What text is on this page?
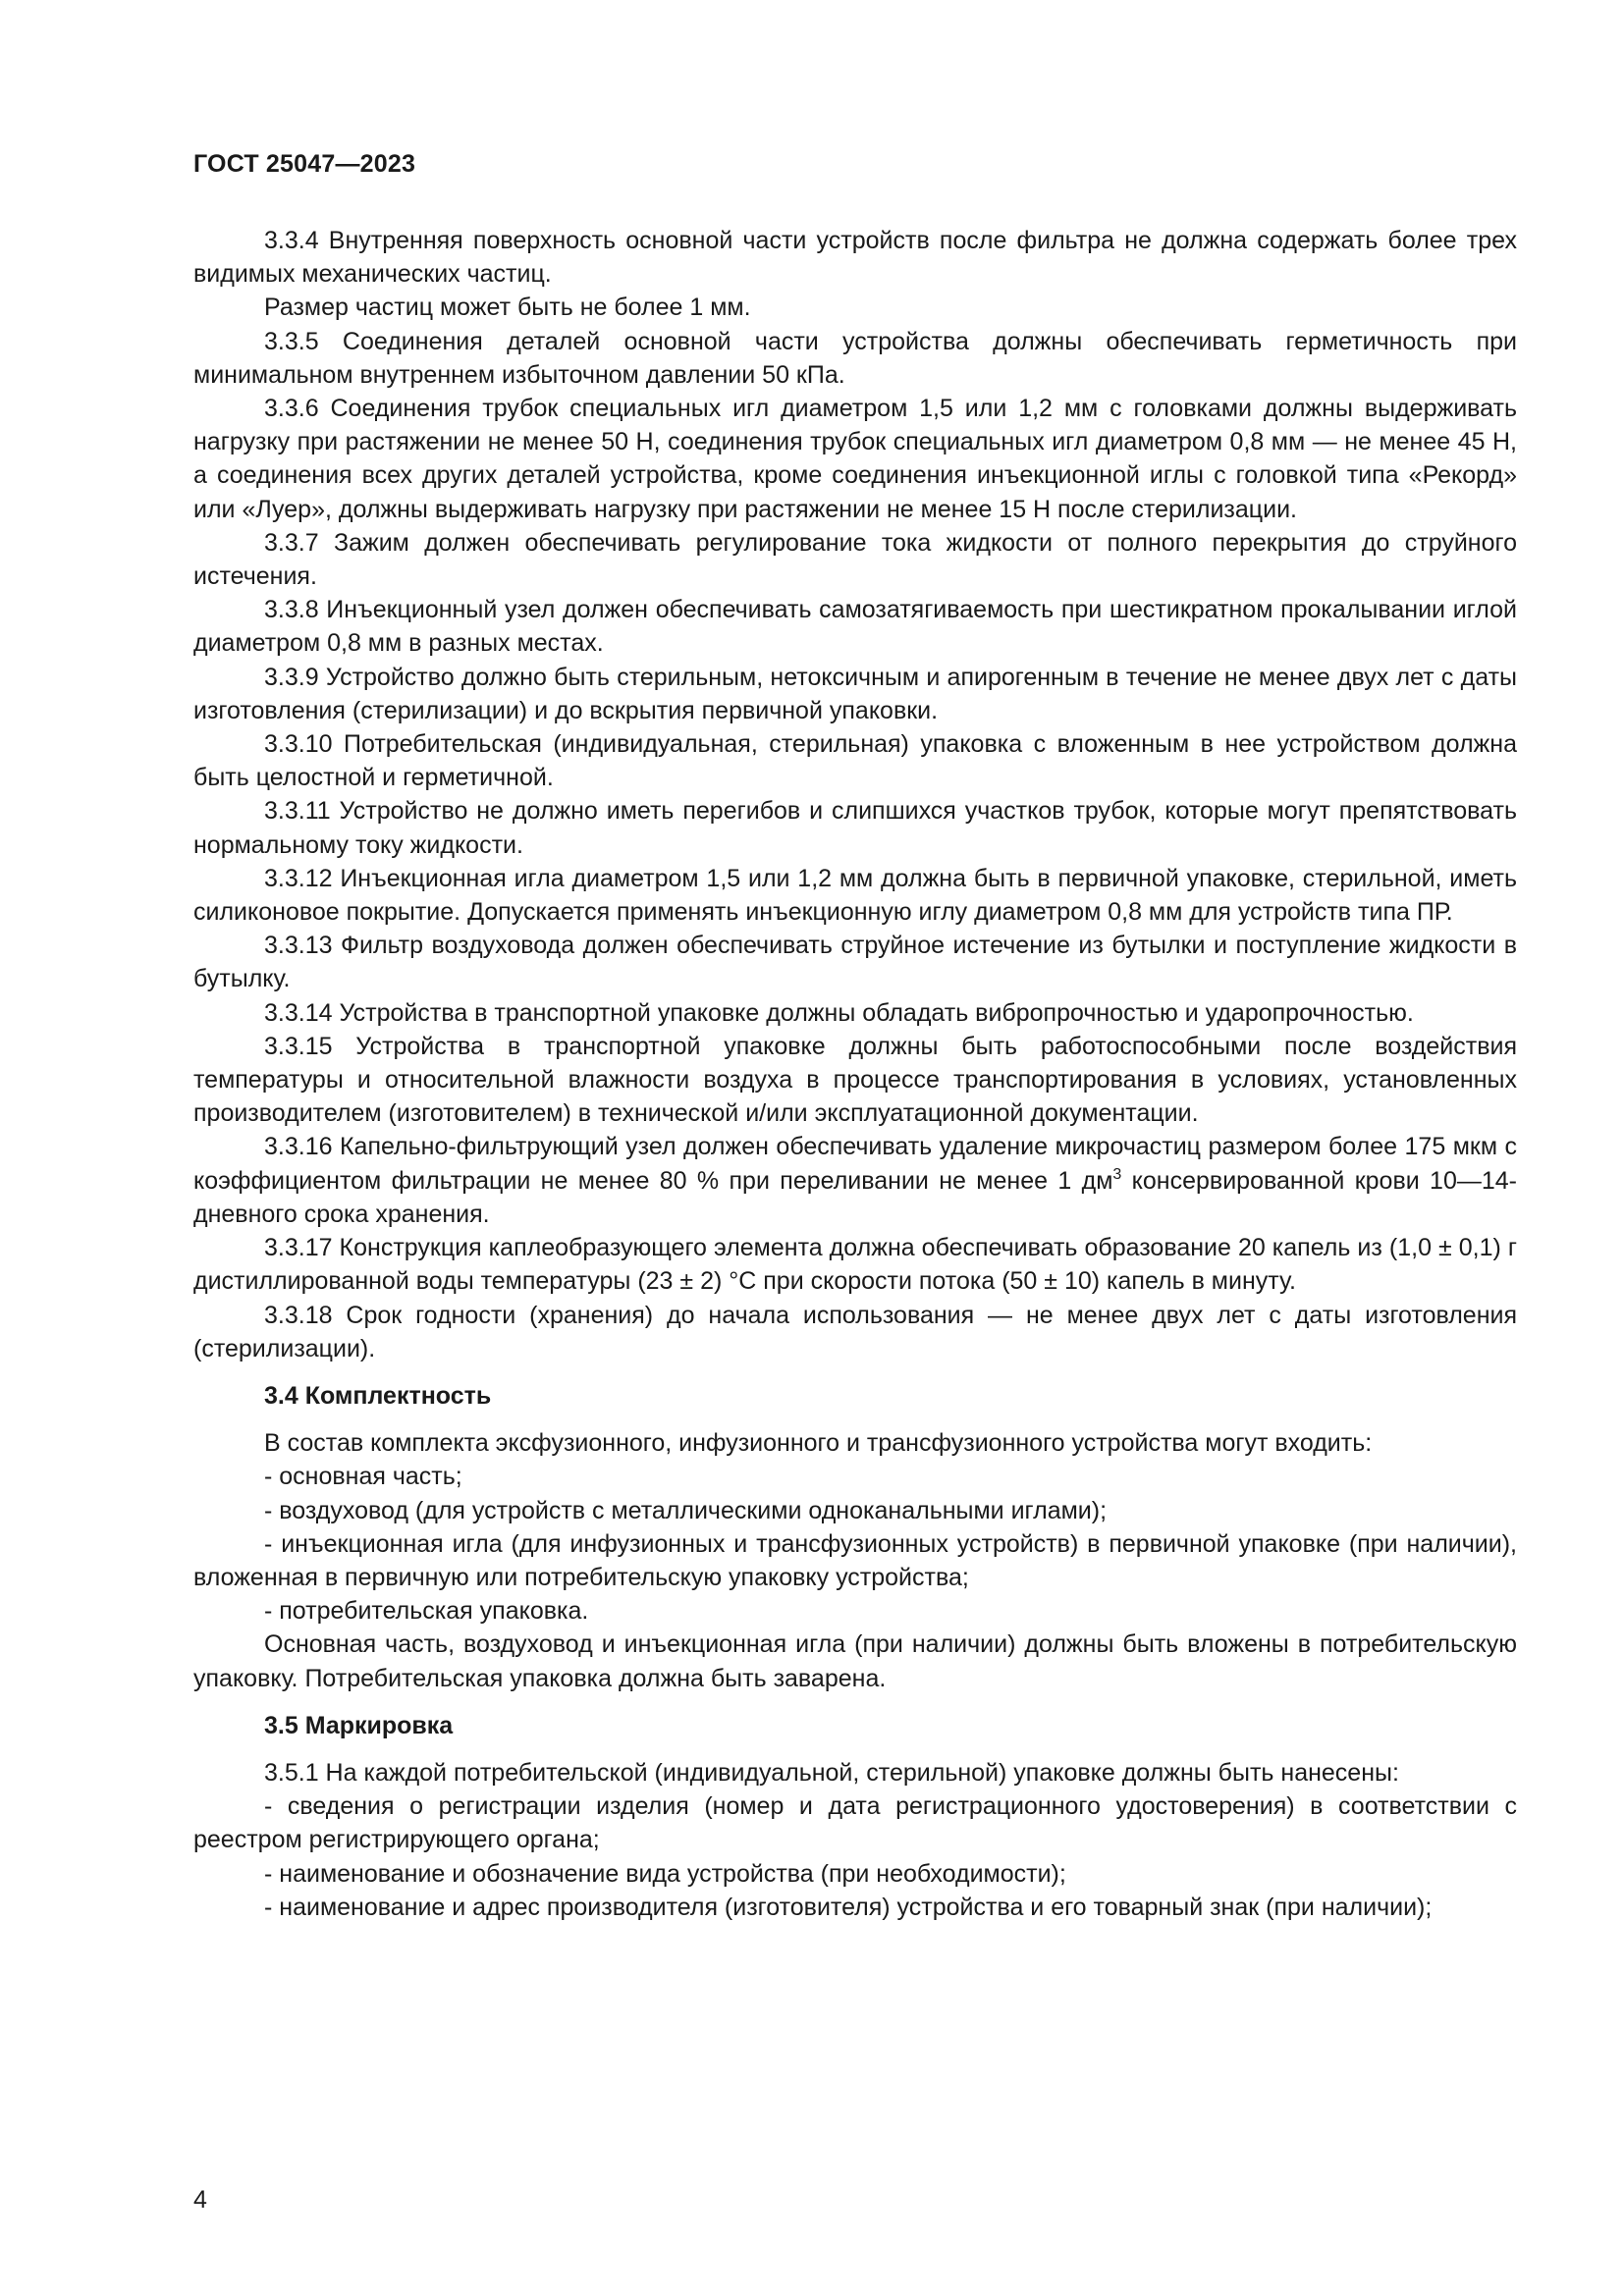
ГОСТ 25047—2023

3.3.4 Внутренняя поверхность основной части устройств после фильтра не должна содержать более трех видимых механических частиц.

Размер частиц может быть не более 1 мм.

3.3.5 Соединения деталей основной части устройства должны обеспечивать герметичность при минимальном внутреннем избыточном давлении 50 кПа.

3.3.6 Соединения трубок специальных игл диаметром 1,5 или 1,2 мм с головками должны выдерживать нагрузку при растяжении не менее 50 Н, соединения трубок специальных игл диаметром 0,8 мм — не менее 45 Н, а соединения всех других деталей устройства, кроме соединения инъекционной иглы с головкой типа «Рекорд» или «Луер», должны выдерживать нагрузку при растяжении не менее 15 Н после стерилизации.

3.3.7 Зажим должен обеспечивать регулирование тока жидкости от полного перекрытия до струйного истечения.

3.3.8 Инъекционный узел должен обеспечивать самозатягиваемость при шестикратном прокалывании иглой диаметром 0,8 мм в разных местах.

3.3.9 Устройство должно быть стерильным, нетоксичным и апирогенным в течение не менее двух лет с даты изготовления (стерилизации) и до вскрытия первичной упаковки.

3.3.10 Потребительская (индивидуальная, стерильная) упаковка с вложенным в нее устройством должна быть целостной и герметичной.

3.3.11 Устройство не должно иметь перегибов и слипшихся участков трубок, которые могут препятствовать нормальному току жидкости.

3.3.12 Инъекционная игла диаметром 1,5 или 1,2 мм должна быть в первичной упаковке, стерильной, иметь силиконовое покрытие. Допускается применять инъекционную иглу диаметром 0,8 мм для устройств типа ПР.

3.3.13 Фильтр воздуховода должен обеспечивать струйное истечение из бутылки и поступление жидкости в бутылку.

3.3.14 Устройства в транспортной упаковке должны обладать вибропрочностью и ударопрочностью.

3.3.15 Устройства в транспортной упаковке должны быть работоспособными после воздействия температуры и относительной влажности воздуха в процессе транспортирования в условиях, установленных производителем (изготовителем) в технической и/или эксплуатационной документации.

3.3.16 Капельно-фильтрующий узел должен обеспечивать удаление микрочастиц размером более 175 мкм с коэффициентом фильтрации не менее 80 % при переливании не менее 1 $дм^3$ консервированной крови 10—14-дневного срока хранения.

3.3.17 Конструкция каплеобразующего элемента должна обеспечивать образование 20 капель из (1,0 ± 0,1) г дистиллированной воды температуры (23 ± 2) °С при скорости потока (50 ± 10) капель в минуту.

3.3.18 Срок годности (хранения) до начала использования — не менее двух лет с даты изготовления (стерилизации).

3.4 Комплектность

В состав комплекта эксфузионного, инфузионного и трансфузионного устройства могут входить:

- основная часть;

- воздуховод (для устройств с металлическими одноканальными иглами);

- инъекционная игла (для инфузионных и трансфузионных устройств) в первичной упаковке (при наличии), вложенная в первичную или потребительскую упаковку устройства;

- потребительская упаковка.

Основная часть, воздуховод и инъекционная игла (при наличии) должны быть вложены в потребительскую упаковку. Потребительская упаковка должна быть заварена.

3.5 Маркировка

3.5.1 На каждой потребительской (индивидуальной, стерильной) упаковке должны быть нанесены:

- сведения о регистрации изделия (номер и дата регистрационного удостоверения) в соответствии с реестром регистрирующего органа;

- наименование и обозначение вида устройства (при необходимости);

- наименование и адрес производителя (изготовителя) устройства и его товарный знак (при наличии);

4
